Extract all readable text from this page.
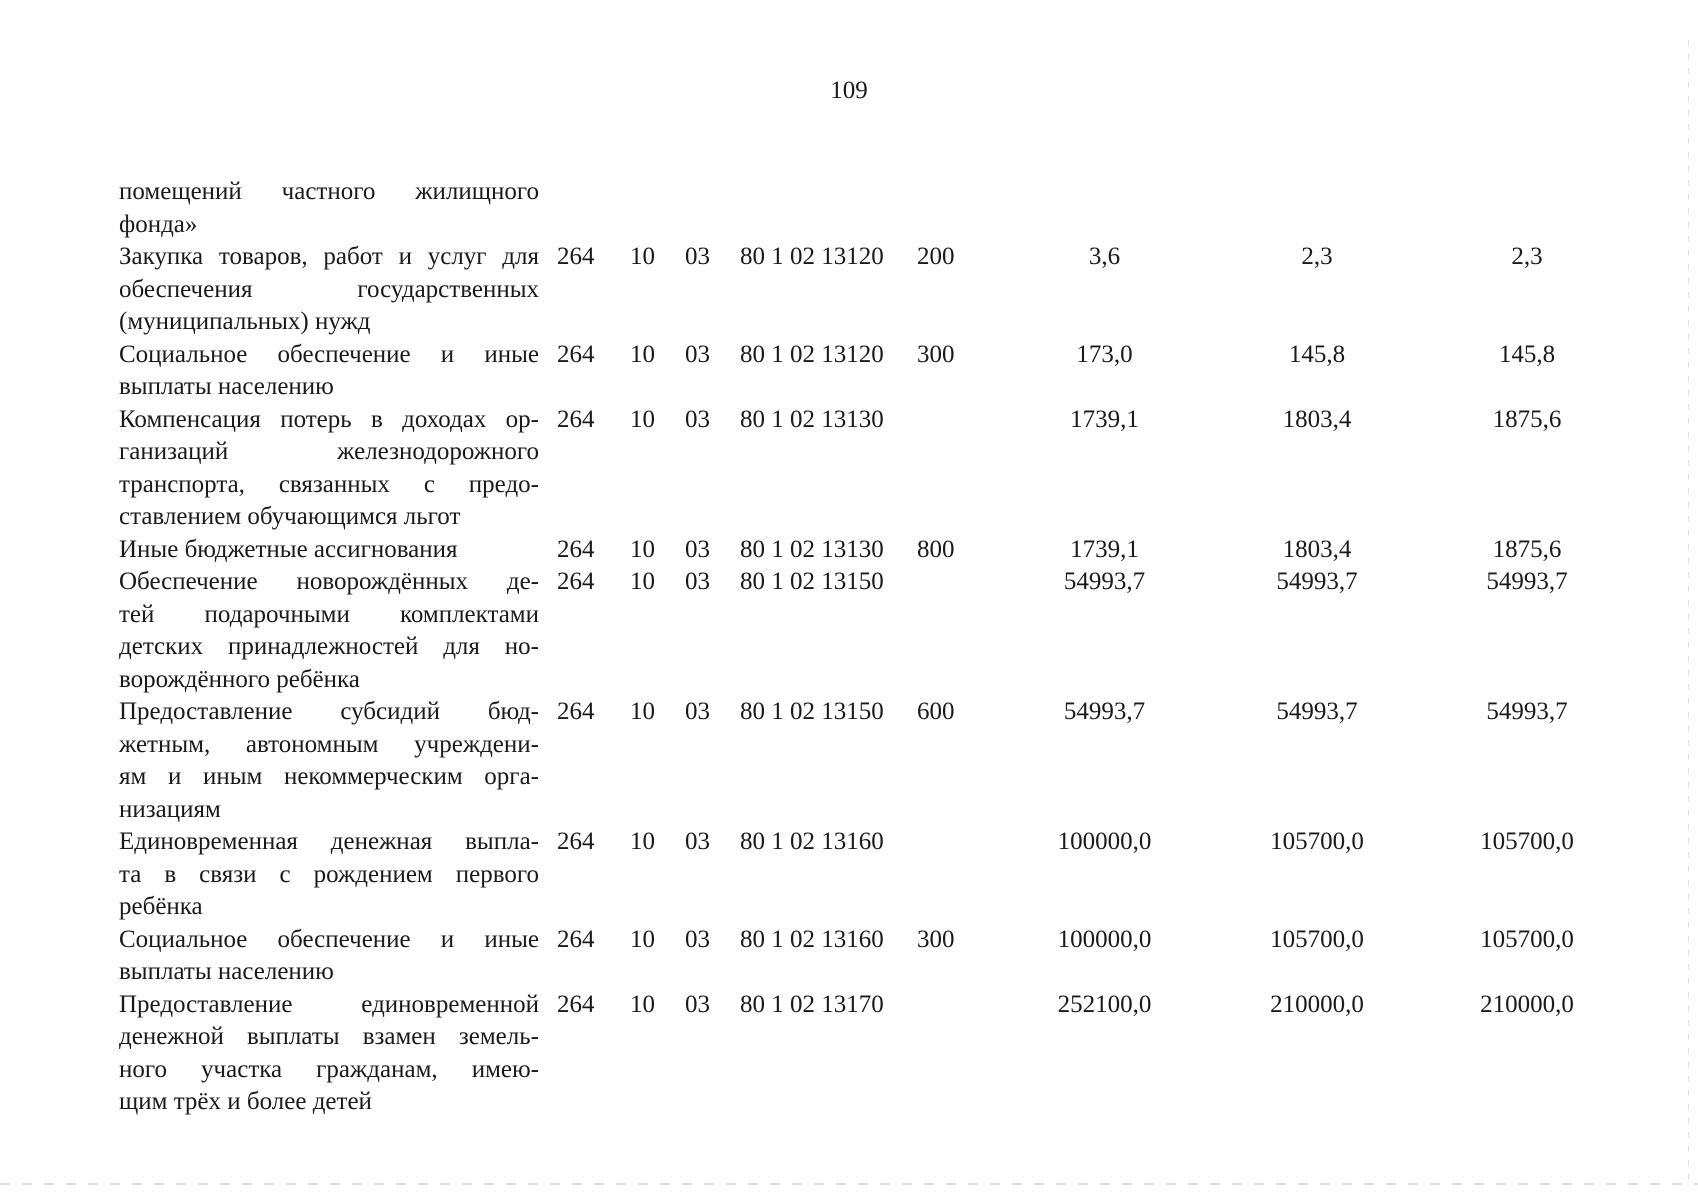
109
помещений частного жилищного
фонда»								

Закупка товаров, работ и услуг для
обеспечения государственных
(муниципальных) нужд	264	10	03	80 1 02 13120	200	3,6	2,3	2,3

Социальное обеспечение и иные
выплаты населению	264	10	03	80 1 02 13120	300	173,0	145,8	145,8

Компенсация потерь в доходах ор-
ганизаций железнодорожного
транспорта, связанных с предо-
ставлением обучающимся льгот	264	10	03	80 1 02 13130		1739,1	1803,4	1875,6

Иные бюджетные ассигнования	264	10	03	80 1 02 13130	800	1739,1	1803,4	1875,6

Обеспечение новорождённых де-
тей подарочными комплектами
детских принадлежностей для но-
ворождённого ребёнка	264	10	03	80 1 02 13150		54993,7	54993,7	54993,7

Предоставление субсидий бюд-
жетным, автономным учреждени-
ям и иным некоммерческим орга-
низациям	264	10	03	80 1 02 13150	600	54993,7	54993,7	54993,7

Единовременная денежная выпла-
та в связи с рождением первого
ребёнка	264	10	03	80 1 02 13160		100000,0	105700,0	105700,0

Социальное обеспечение и иные
выплаты населению	264	10	03	80 1 02 13160	300	100000,0	105700,0	105700,0

Предоставление единовременной
денежной выплаты взамен земель-
ного участка гражданам, имею-
щим трёх и более детей	264	10	03	80 1 02 13170		252100,0	210000,0	210000,0
